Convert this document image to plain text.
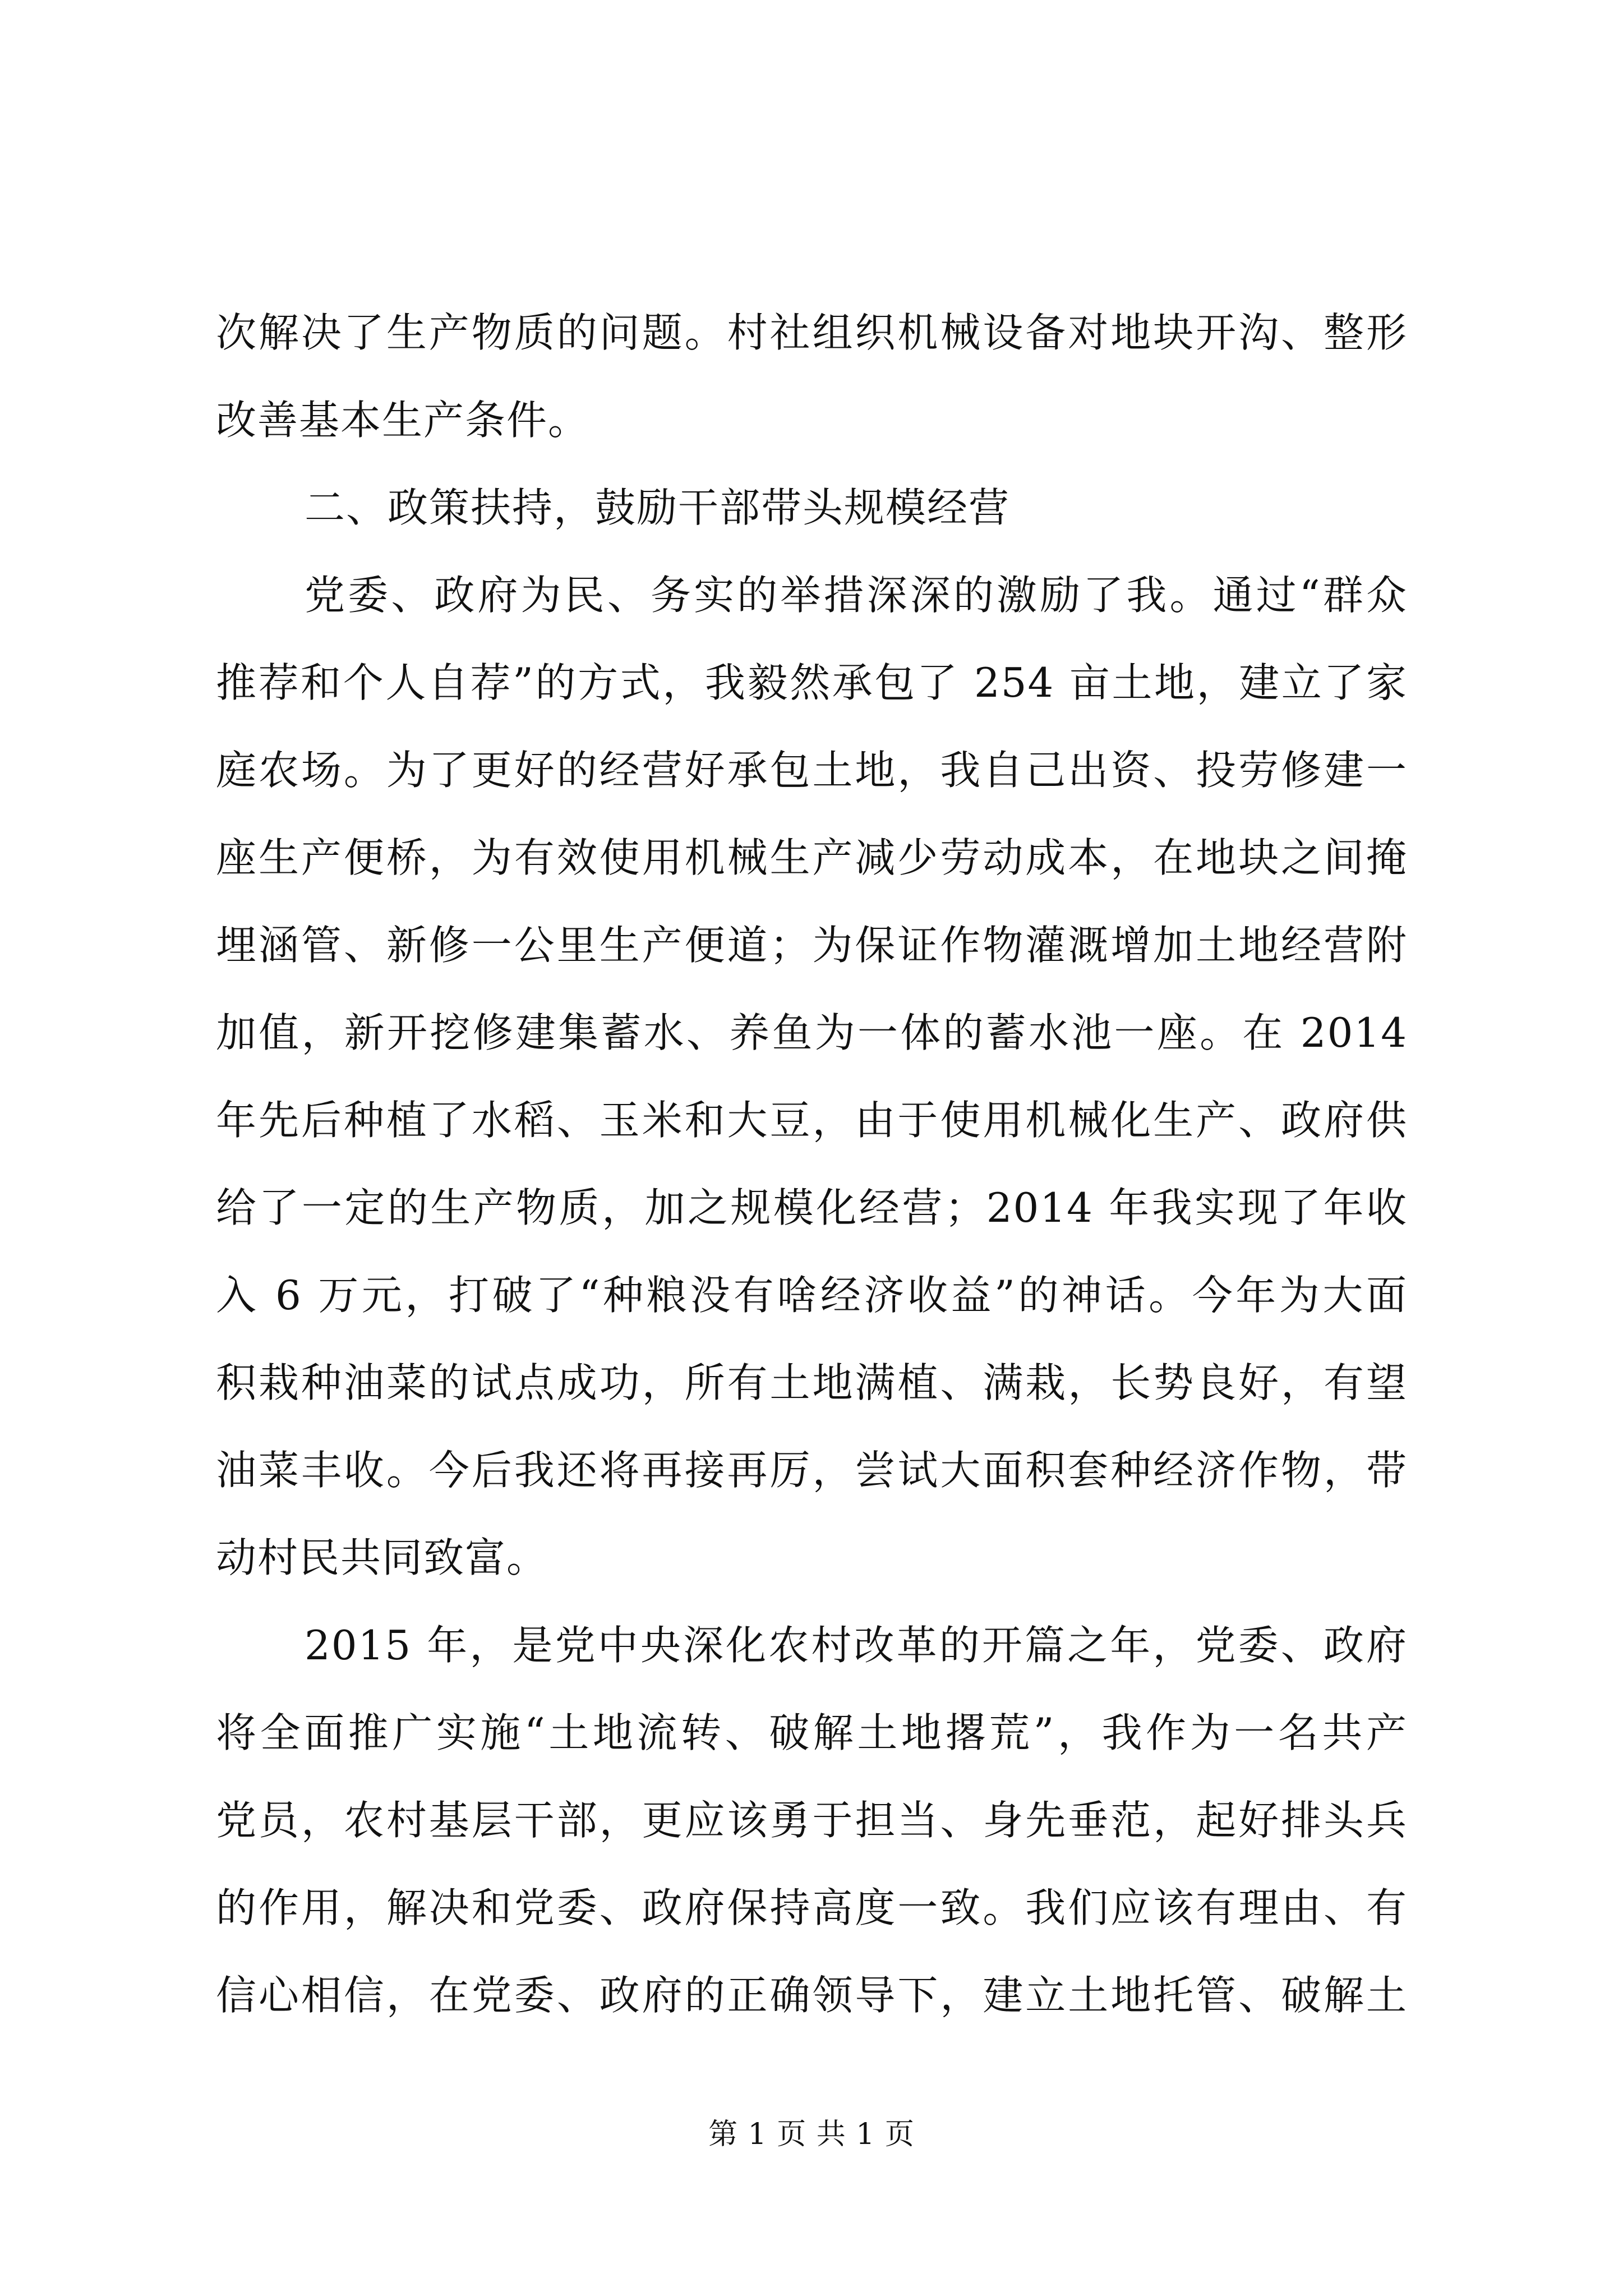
次解决了生产物质的问题。村社组织机械设备对地块开沟、整形
改善基本生产条件。
二、政策扶持，鼓励干部带头规模经营
党委、政府为民、务实的举措深深的激励了我。通过“群众
推荐和个人自荐”的方式，我毅然承包了 254 亩土地，建立了家
庭农场。为了更好的经营好承包土地，我自己出资、投劳修建一
座生产便桥，为有效使用机械生产减少劳动成本，在地块之间掩
埋涵管、新修一公里生产便道；为保证作物灌溉增加土地经营附
加值，新开挖修建集蓄水、养鱼为一体的蓄水池一座。在 2014
年先后种植了水稻、玉米和大豆，由于使用机械化生产、政府供
给了一定的生产物质，加之规模化经营；2014 年我实现了年收
入 6 万元，打破了“种粮没有啥经济收益”的神话。今年为大面
积栽种油菜的试点成功，所有土地满植、满栽，长势良好，有望
油菜丰收。今后我还将再接再厉，尝试大面积套种经济作物，带
动村民共同致富。
2015 年，是党中央深化农村改革的开篇之年，党委、政府
将全面推广实施“土地流转、破解土地撂荒”，我作为一名共产
党员，农村基层干部，更应该勇于担当、身先垂范，起好排头兵
的作用，解决和党委、政府保持高度一致。我们应该有理由、有
信心相信，在党委、政府的正确领导下，建立土地托管、破解土
第 1 页 共 1 页
